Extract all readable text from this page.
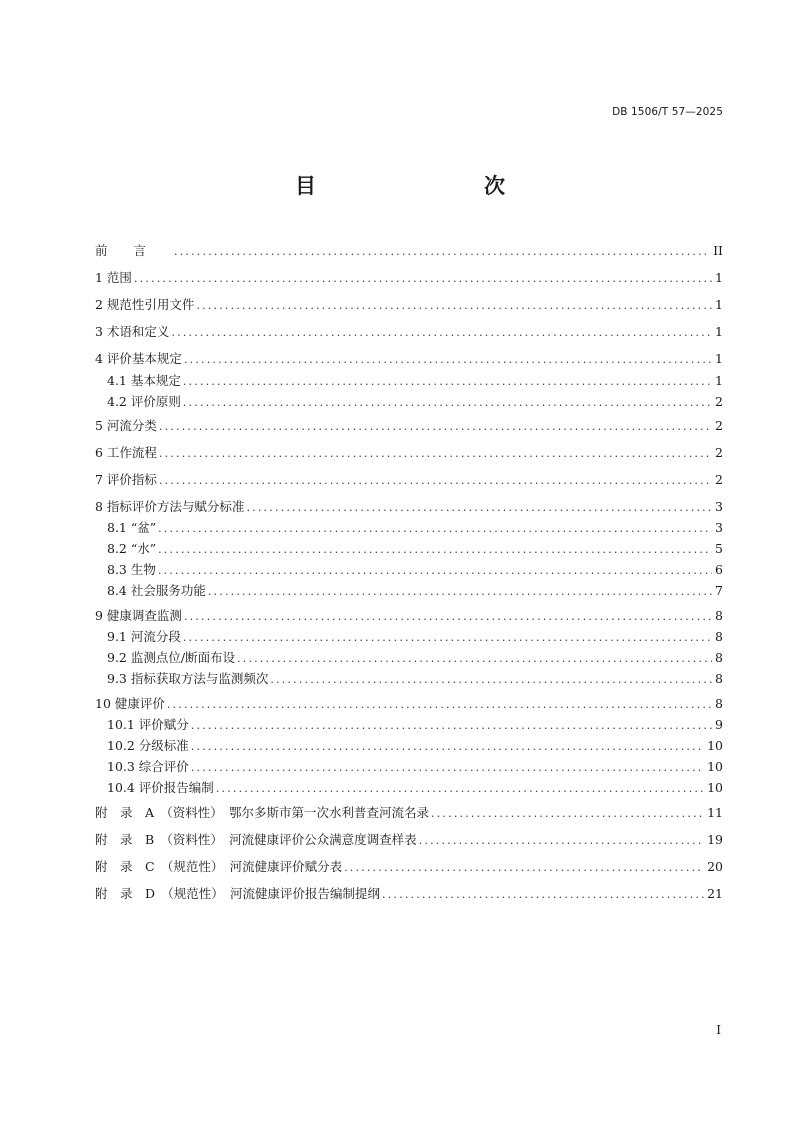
DB 1506/T 57—2025
目　　次
前言 .....	II
1 范围 .....	1
2 规范性引用文件 .....	1
3 术语和定义 .....	1
4 评价基本规定 .....	1
4.1 基本规定 .....	1
4.2 评价原则 .....	2
5 河流分类 .....	2
6 工作流程 .....	2
7 评价指标 .....	2
8 指标评价方法与赋分标准 .....	3
8.1 “盆” .....	3
8.2 “水” .....	5
8.3 生物 .....	6
8.4 社会服务功能 .....	7
9 健康调查监测 .....	8
9.1 河流分段 .....	8
9.2 监测点位/断面布设 .....	8
9.3 指标获取方法与监测频次 .....	8
10 健康评价 .....	8
10.1 评价赋分 .....	9
10.2 分级标准 .....	10
10.3 综合评价 .....	10
10.4 评价报告编制 .....	10
附　录　A　（资料性）　鄂尔多斯市第一次水利普查河流名录 .....	11
附　录　B　（资料性）　河流健康评价公众满意度调查样表 .....	19
附　录　C　（规范性）　河流健康评价赋分表 .....	20
附　录　D　（规范性）　河流健康评价报告编制提纲 .....	21
I
